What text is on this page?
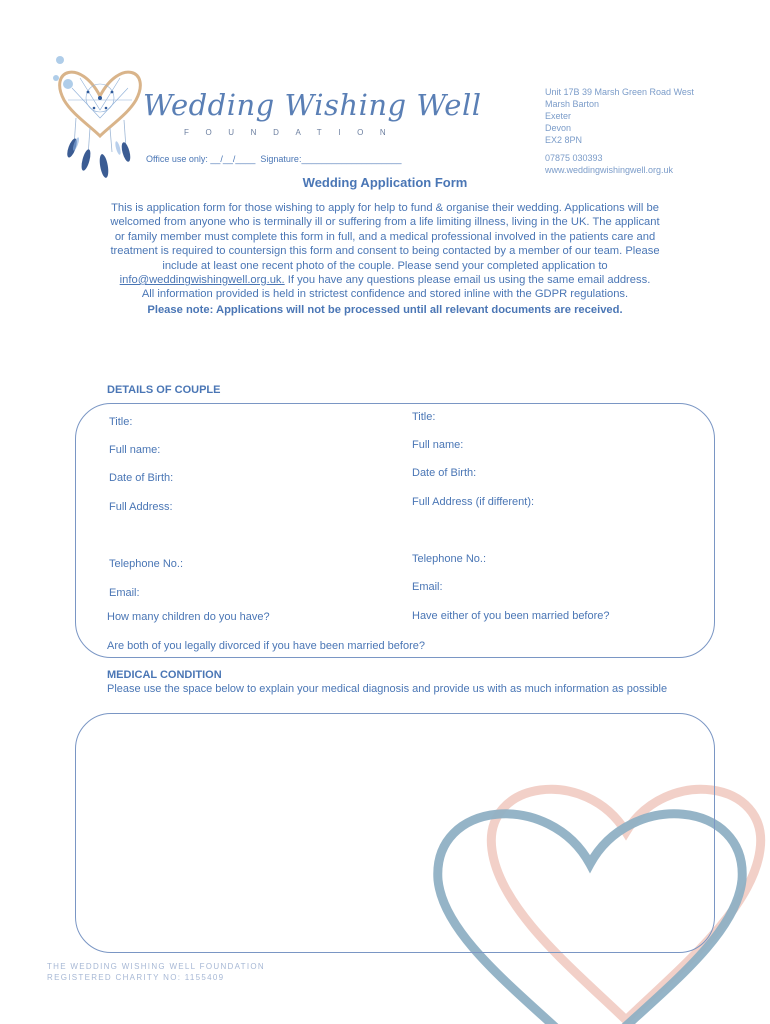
Wedding Wishing Well
FOUNDATION
Office use only: __/__/____  Signature:____________________
Unit 17B 39 Marsh Green Road West
Marsh Barton
Exeter
Devon
EX2 8PN
07875 030393
www.weddingwishingwell.org.uk
Wedding Application Form

This is application form for those wishing to apply for help to fund & organise their wedding. Applications will be welcomed from anyone who is terminally ill or suffering from a life limiting illness, living in the UK. The applicant or family member must complete this form in full, and a medical professional involved in the patients care and treatment is required to countersign this form and consent to being contacted by a member of our team. Please include at least one recent photo of the couple. Please send your completed application to info@weddingwishingwell.org.uk. If you have any questions please email us using the same email address.

All information provided is held in strictest confidence and stored inline with the GDPR regulations.

Please note: Applications will not be processed until all relevant documents are received.

DETAILS OF COUPLE
Title:
Full name:
Date of Birth:
Full Address:
Telephone No.:
Email:
How many children do you have?
Title:
Full name:
Date of Birth:
Full Address (if different):
Telephone No.:
Email:
Have either of you been married before?
Are both of you legally divorced if you have been married before?
MEDICAL CONDITION
Please use the space below to explain your medical diagnosis and provide us with as much information as possible
THE WEDDING WISHING WELL FOUNDATION
REGISTERED CHARITY NO: 1155409
